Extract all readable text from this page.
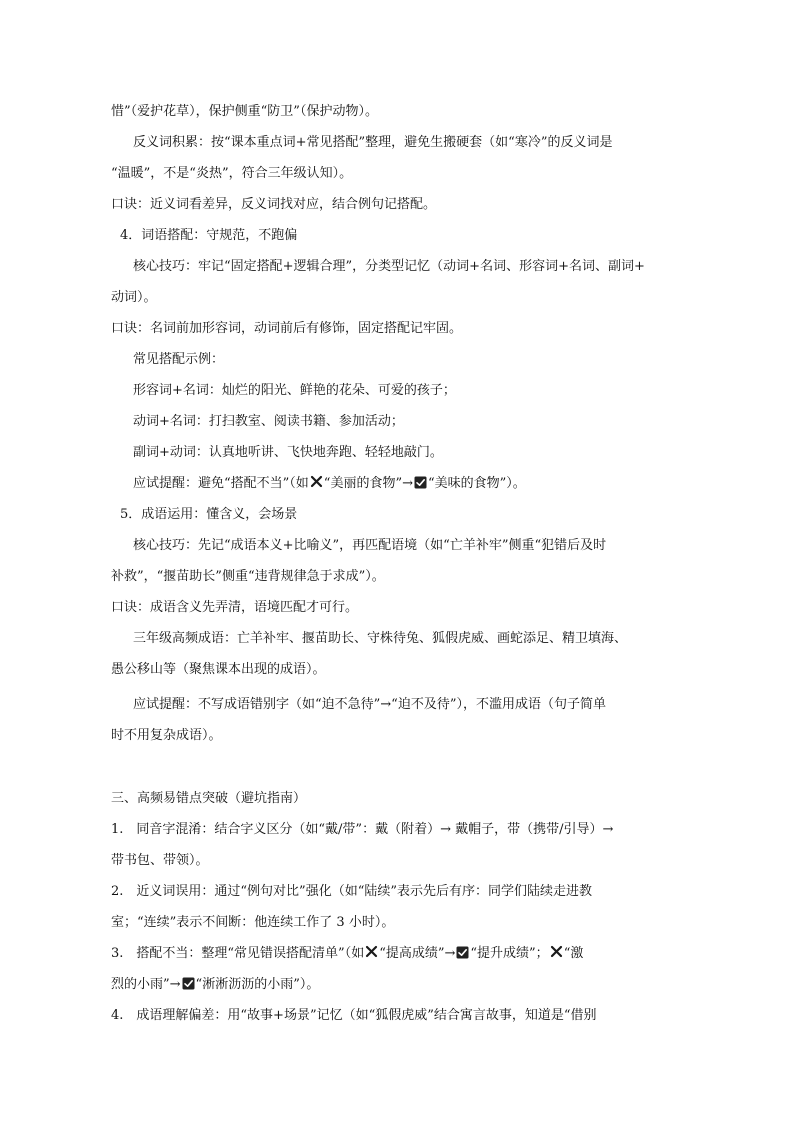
惜”（爱护花草），保护侧重“防卫”（保护动物）。
反义词积累：按“课本重点词+常见搭配”整理，避免生搬硬套（如“寒冷”的反义词是
“温暖”，不是“炎热”，符合三年级认知）。
口诀：近义词看差异，反义词找对应，结合例句记搭配。
4．词语搭配：守规范，不跑偏
核心技巧：牢记“固定搭配+逻辑合理”，分类型记忆（动词+名词、形容词+名词、副词+
动词）。
口诀：名词前加形容词，动词前后有修饰，固定搭配记牢固。
常见搭配示例：
形容词+名词：灿烂的阳光、鲜艳的花朵、可爱的孩子；
动词+名词：打扫教室、阅读书籍、参加活动；
副词+动词：认真地听讲、飞快地奔跑、轻轻地敲门。
应试提醒：避免“搭配不当”（如 “美丽的食物”→ “美味的食物”）。
5．成语运用：懂含义，会场景
核心技巧：先记“成语本义+比喻义”，再匹配语境（如“亡羊补牢”侧重“犯错后及时
补救”，“揠苗助长”侧重“违背规律急于求成”）。
口诀：成语含义先弄清，语境匹配才可行。
三年级高频成语：亡羊补牢、揠苗助长、守株待兔、狐假虎威、画蛇添足、精卫填海、
愚公移山等（聚焦课本出现的成语）。
应试提醒：不写成语错别字（如“迫不急待”→“迫不及待”），不滥用成语（句子简单
时不用复杂成语）。
三、高频易错点突破（避坑指南）
1.　同音字混淆：结合字义区分（如“戴/带”：戴（附着）→ 戴帽子，带（携带/引导）→
带书包、带领）。
2.　近义词误用：通过“例句对比”强化（如“陆续”表示先后有序：同学们陆续走进教
室；“连续”表示不间断：他连续工作了 3 小时）。
3.　搭配不当：整理“常见错误搭配清单”（如 “提高成绩”→ “提升成绩”； “激
烈的小雨”→ “淅淅沥沥的小雨”）。
4.　成语理解偏差：用“故事+场景”记忆（如“狐假虎威”结合寓言故事，知道是“借别
